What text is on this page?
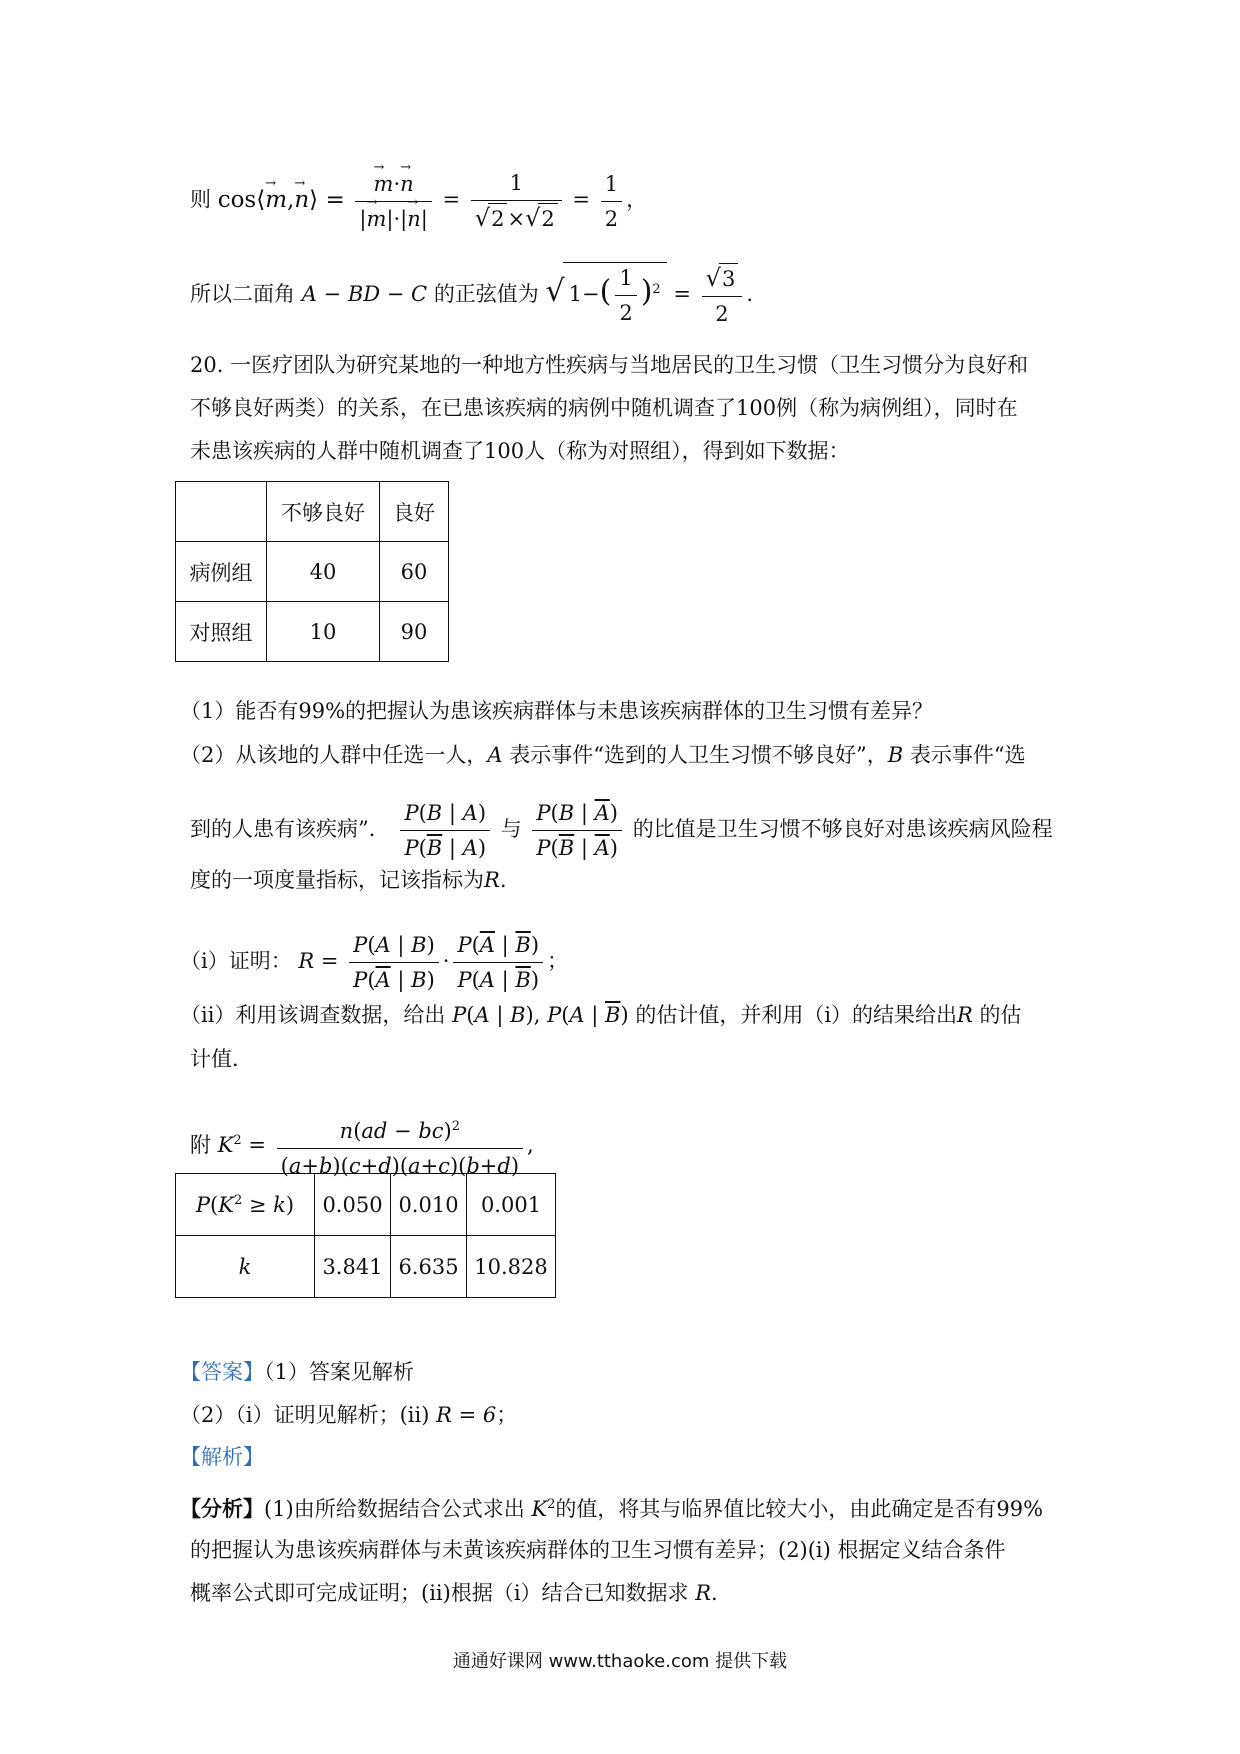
则 cos⟨→ m,→ n⟩ = → $\frac{m\cdot\to n}{|\to m|\cdot|\to n|} = \frac{1}{√2 \times√2} = \frac{1}{2}$ ，
所以二面角 A − BD − C 的正弦值为 √ $1-( \frac{1}{2} )^2 = \frac{√3}{2}$ .
20. 一医疗团队为研究某地的一种地方性疾病与当地居民的卫生习惯（卫生习惯分为良好和
不够良好两类）的关系，在已患该疾病的病例中随机调查了100例（称为病例组），同时在
未患该疾病的人群中随机调查了100人（称为对照组），得到如下数据：
	不够良好	良好
病例组	40	60
对照组	10	90
（1）能否有99%的把握认为患该疾病群体与未患该疾病群体的卫生习惯有差异？
（2）从该地的人群中任选一人，A 表示事件“选到的人卫生习惯不够良好”，B 表示事件“选
到的人患有该疾病”． $\frac{P(B | A)}{P(\overline{B} | A)}$ 与 $\frac{P(B | \overline{A})}{P(\overline{B} | \overline{A})}$ 的比值是卫生习惯不够良好对患该疾病风险程
度的一项度量指标，记该指标为R.
（i）证明： $R = \frac{P(A | B)}{P(\overline{A} | B)} \cdot \frac{P(\overline{A} | \overline{B})}{P(A | \overline{B})}$ ；
（ii）利用该调查数据，给出 P(A | B), P(A | $\overline{B}$) 的估计值，并利用（i）的结果给出R 的估
计值．
附 $K^2 = \frac{n(ad - bc)^2}{(a+b)(c+d)(a+c)(b+d)}$ ,
$P(K^2 \ge k)$	0.050	0.010	0.001
k	3.841	6.635	10.828
【答案】（1）答案见解析
（2）（i）证明见解析；(ii) R = 6；
【解析】
【分析】(1)由所给数据结合公式求出 $K^2$的值，将其与临界值比较大小，由此确定是否有99%
的把握认为患该疾病群体与未黄该疾病群体的卫生习惯有差异；(2)(i) 根据定义结合条件
概率公式即可完成证明；(ii)根据（i）结合已知数据求 R.
通通好课网 www.tthaoke.com 提供下载
